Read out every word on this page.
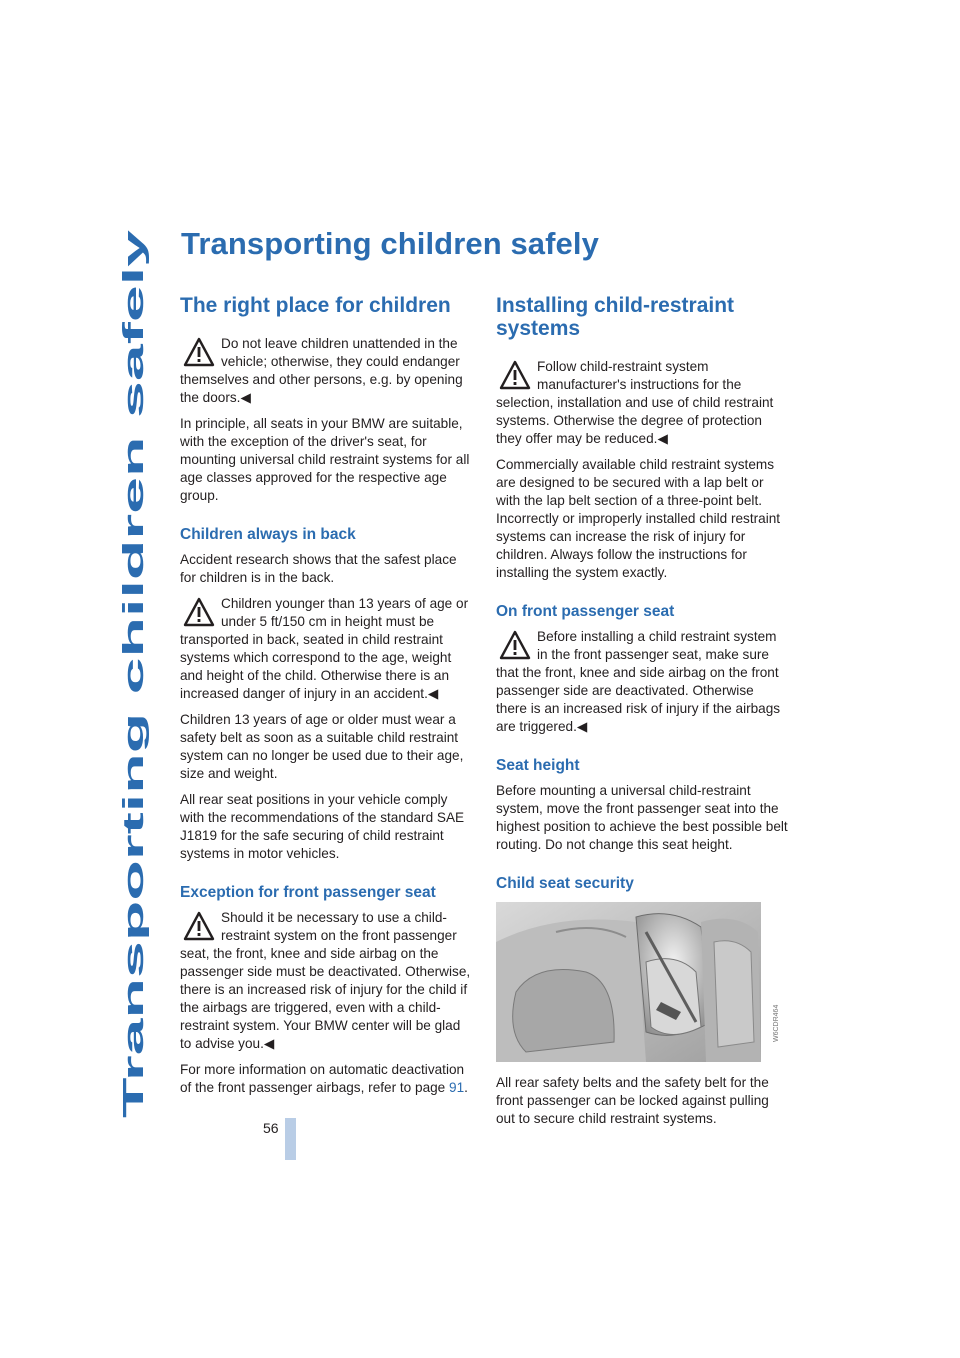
Transporting children safely
Transporting children safely
The right place for children
Do not leave children unattended in the vehicle; otherwise, they could endanger themselves and other persons, e.g. by opening the doors.◀

In principle, all seats in your BMW are suitable, with the exception of the driver's seat, for mounting universal child restraint systems for all age classes approved for the respective age group.

Children always in back

Accident research shows that the safest place for children is in the back.

Children younger than 13 years of age or under 5 ft/150 cm in height must be transported in back, seated in child restraint systems which correspond to the age, weight and height of the child. Otherwise there is an increased danger of injury in an accident.◀

Children 13 years of age or older must wear a safety belt as soon as a suitable child restraint system can no longer be used due to their age, size and weight.

All rear seat positions in your vehicle comply with the recommendations of the standard SAE J1819 for the safe securing of child restraint systems in motor vehicles.

Exception for front passenger seat
Should it be necessary to use a child-restraint system on the front passenger seat, the front, knee and side airbag on the passenger side must be deactivated. Otherwise, there is an increased risk of injury for the child if the airbags are triggered, even with a child-restraint system. Your BMW center will be glad to advise you.◀

For more information on automatic deactivation of the front passenger airbags, refer to page 91.

Installing child-restraint systems
Follow child-restraint system manufacturer's instructions for the selection, installation and use of child restraint systems. Otherwise the degree of protection they offer may be reduced.◀

Commercially available child restraint systems are designed to be secured with a lap belt or with the lap belt section of a three-point belt. Incorrectly or improperly installed child restraint systems can increase the risk of injury for children. Always follow the instructions for installing the system exactly.

On front passenger seat
Before installing a child restraint system in the front passenger seat, make sure that the front, knee and side airbag on the front passenger side are deactivated. Otherwise there is an increased risk of injury if the airbags are triggered.◀
Seat height

Before mounting a universal child-restraint system, move the front passenger seat into the highest position to achieve the best possible belt routing. Do not change this seat height.

Child seat security
W6CDR464

All rear safety belts and the safety belt for the front passenger can be locked against pulling out to secure child restraint systems.

56
